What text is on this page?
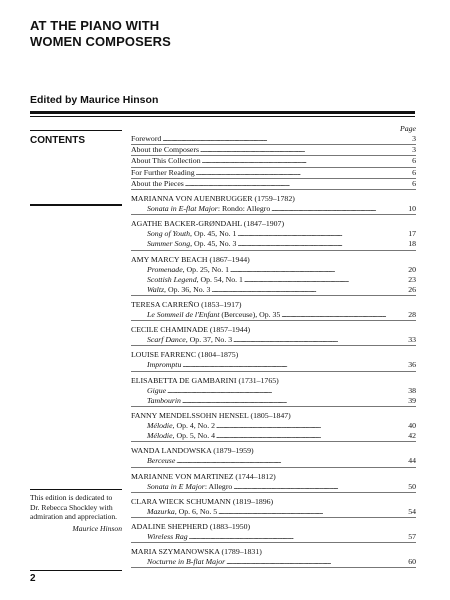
AT THE PIANO WITH
WOMEN COMPOSERS
Edited by Maurice Hinson
CONTENTS
This edition is dedicated to Dr. Rebecca Shockley with admiration and appreciation.
Maurice Hinson
2
Page
Foreword . . .	3
About the Composers . . .	3
About This Collection . . .	6
For Further Reading . . .	6
About the Pieces . . .	6
MARIANNA VON AUENBRUGGER (1759–1782)
Sonata in E-flat Major: Rondo: Allegro . . .	10
AGATHE BACKER-GRØNDAHL (1847–1907)
Song of Youth, Op. 45, No. 1 . . .	17
Summer Song, Op. 45, No. 3 . . .	18
AMY MARCY BEACH (1867–1944)
Promenade, Op. 25, No. 1 . . .	20
Scottish Legend, Op. 54, No. 1 . . .	23
Waltz, Op. 36, No. 3 . . .	26
TERESA CARREÑO (1853–1917)
Le Sommeil de l'Enfant (Berceuse), Op. 35 . . .	28
CECILE CHAMINADE (1857–1944)
Scarf Dance, Op. 37, No. 3 . . .	33
LOUISE FARRENC (1804–1875)
Impromptu . . .	36
ELISABETTA DE GAMBARINI (1731–1765)
Gigue . . .	38
Tambourin . . .	39
FANNY MENDELSSOHN HENSEL (1805–1847)
Mélodie, Op. 4, No. 2 . . .	40
Mélodie, Op. 5, No. 4 . . .	42
WANDA LANDOWSKA (1879–1959)
Berceuse . . .	44
MARIANNE VON MARTINEZ (1744–1812)
Sonata in E Major: Allegro . . .	50
CLARA WIECK SCHUMANN (1819–1896)
Mazurka, Op. 6, No. 5 . . .	54
ADALINE SHEPHERD (1883–1950)
Wireless Rag . . .	57
MARIA SZYMANOWSKA (1789–1831)
Nocturne in B-flat Major . . .	60
